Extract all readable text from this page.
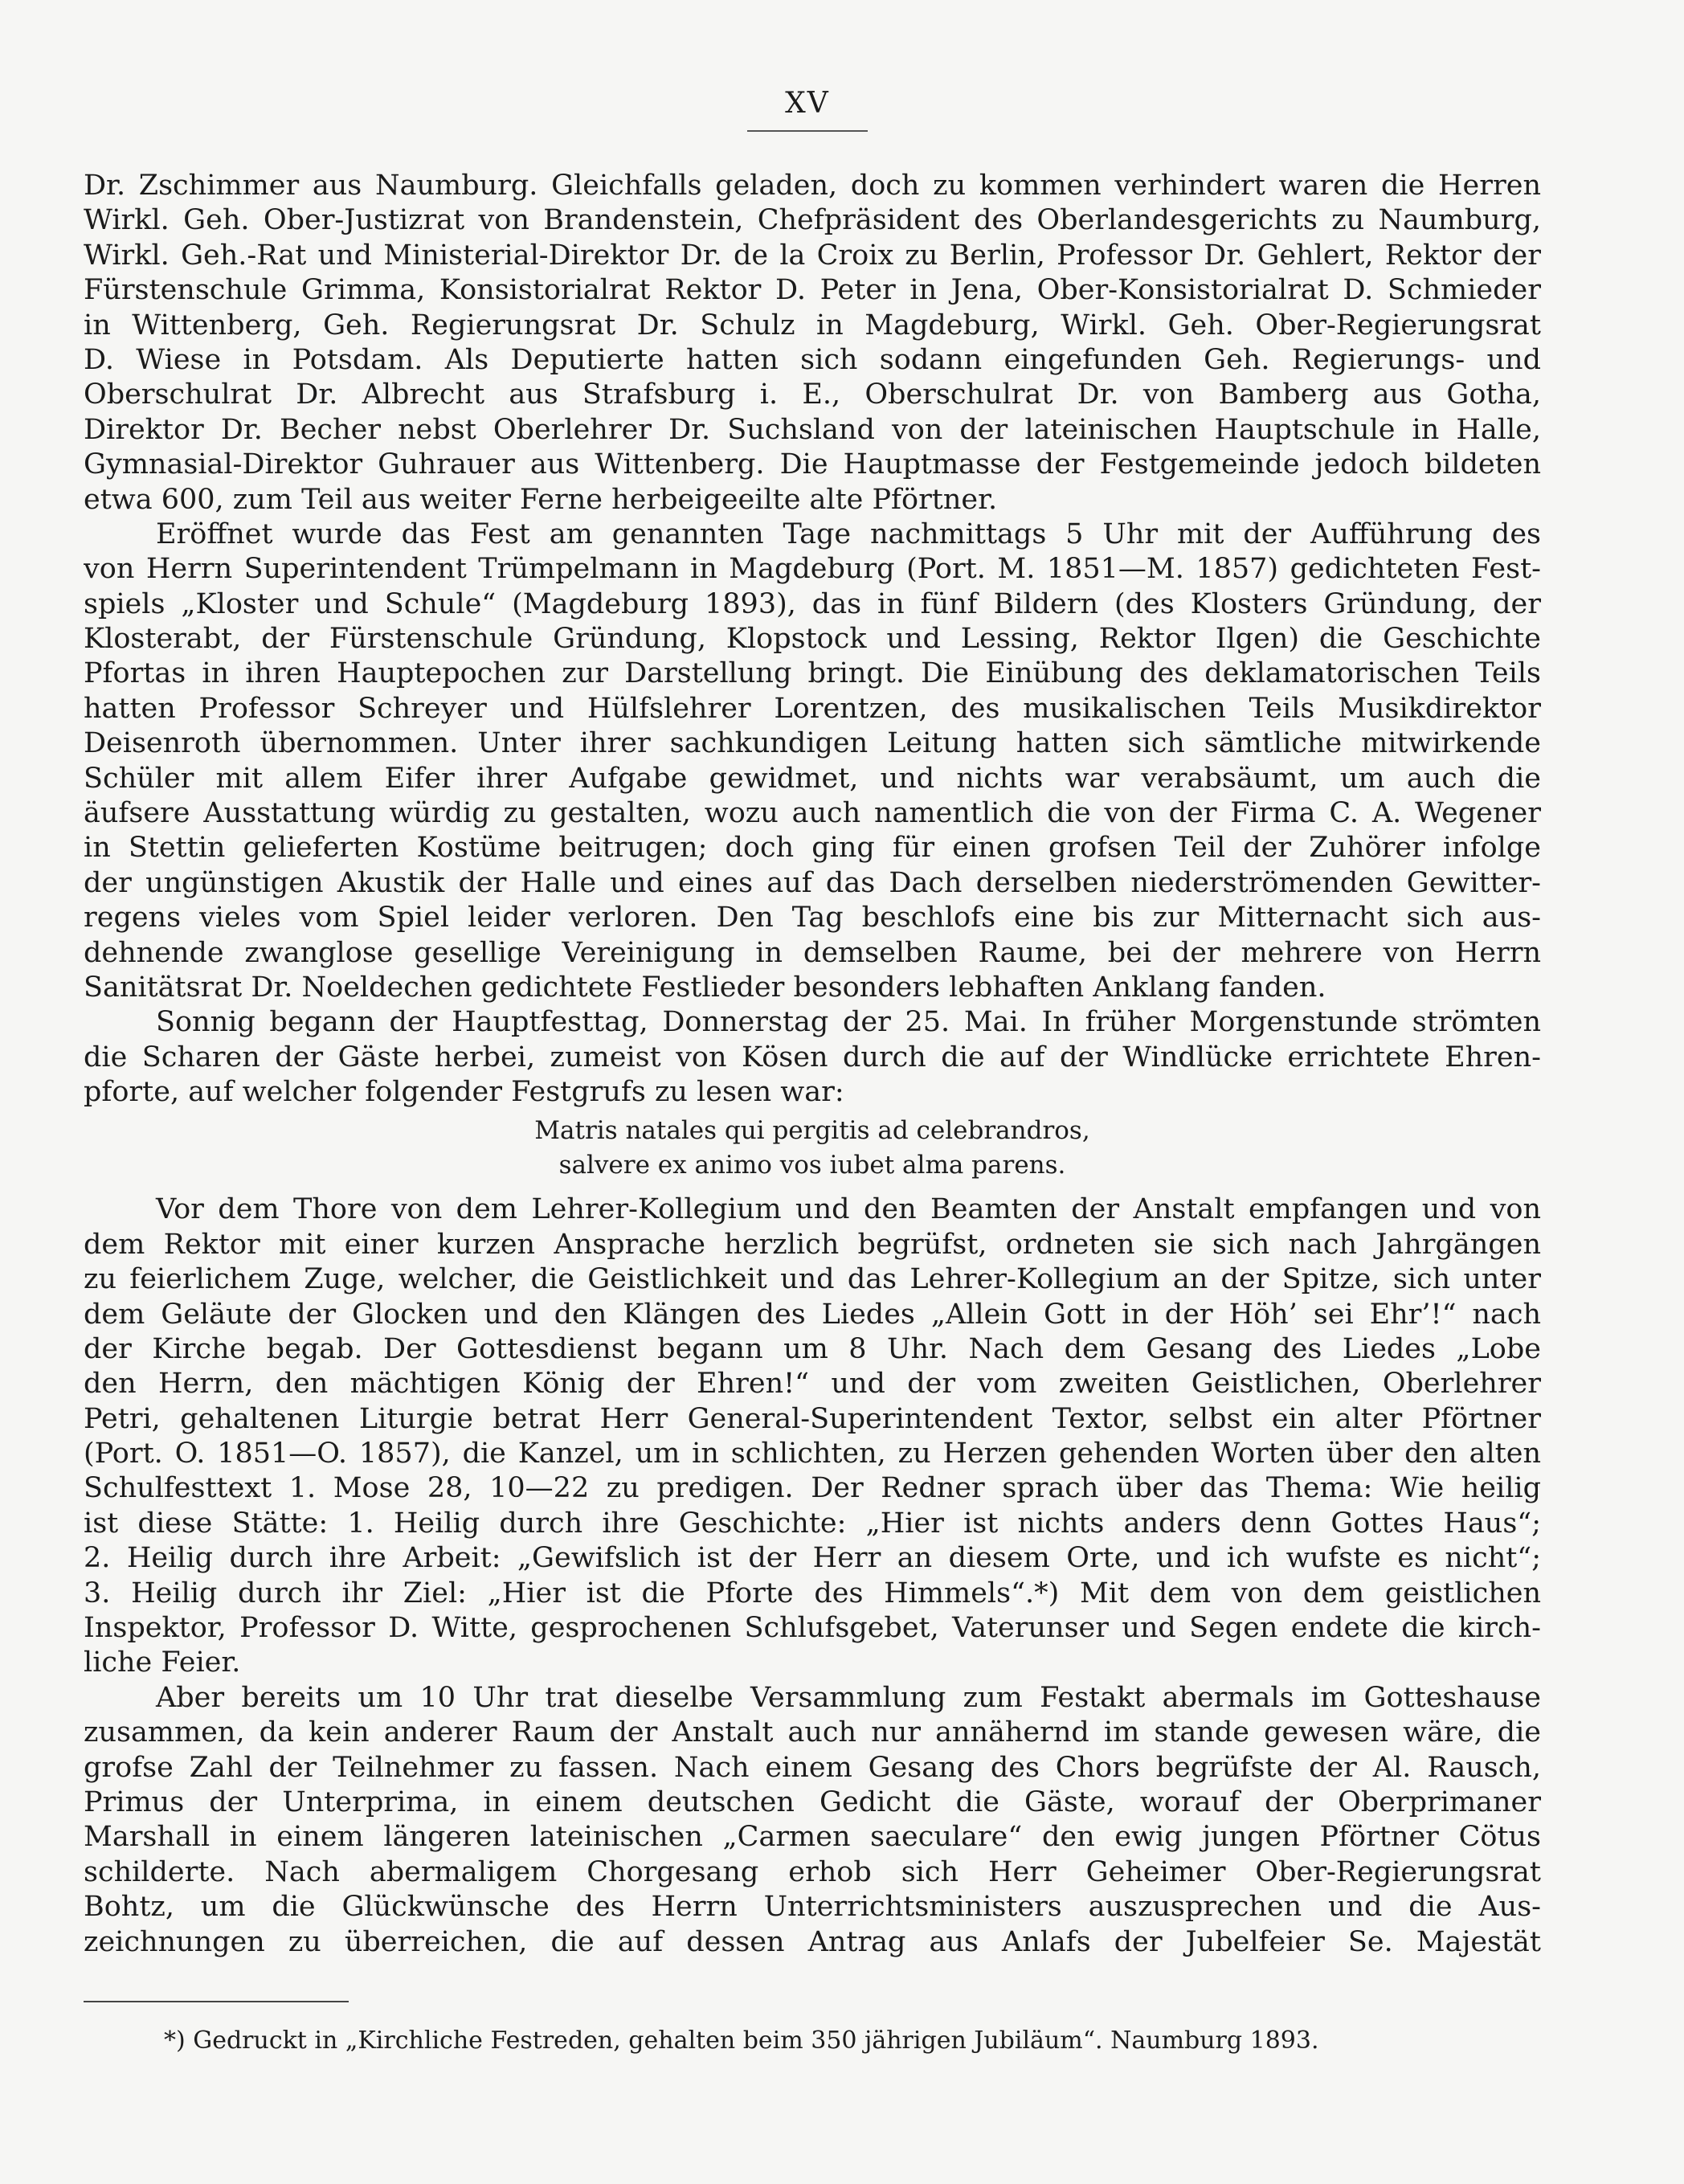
XV
Dr. Zschimmer aus Naumburg. Gleichfalls geladen, doch zu kommen verhindert waren die Herren
Wirkl. Geh. Ober-Justizrat von Brandenstein, Chefpräsident des Oberlandesgerichts zu Naumburg,
Wirkl. Geh.-Rat und Ministerial-Direktor Dr. de la Croix zu Berlin, Professor Dr. Gehlert, Rektor der
Fürstenschule Grimma, Konsistorialrat Rektor D. Peter in Jena, Ober-Konsistorialrat D. Schmieder
in Wittenberg, Geh. Regierungsrat Dr. Schulz in Magdeburg, Wirkl. Geh. Ober-Regierungsrat
D. Wiese in Potsdam. Als Deputierte hatten sich sodann eingefunden Geh. Regierungs- und
Oberschulrat Dr. Albrecht aus Strafsburg i. E., Oberschulrat Dr. von Bamberg aus Gotha,
Direktor Dr. Becher nebst Oberlehrer Dr. Suchsland von der lateinischen Hauptschule in Halle,
Gymnasial-Direktor Guhrauer aus Wittenberg. Die Hauptmasse der Festgemeinde jedoch bildeten
etwa 600, zum Teil aus weiter Ferne herbeigeeilte alte Pförtner.
Eröffnet wurde das Fest am genannten Tage nachmittags 5 Uhr mit der Aufführung des
von Herrn Superintendent Trümpelmann in Magdeburg (Port. M. 1851—M. 1857) gedichteten Fest-
spiels „Kloster und Schule“ (Magdeburg 1893), das in fünf Bildern (des Klosters Gründung, der
Klosterabt, der Fürstenschule Gründung, Klopstock und Lessing, Rektor Ilgen) die Geschichte
Pfortas in ihren Hauptepochen zur Darstellung bringt. Die Einübung des deklamatorischen Teils
hatten Professor Schreyer und Hülfslehrer Lorentzen, des musikalischen Teils Musikdirektor
Deisenroth übernommen. Unter ihrer sachkundigen Leitung hatten sich sämtliche mitwirkende
Schüler mit allem Eifer ihrer Aufgabe gewidmet, und nichts war verabsäumt, um auch die
äufsere Ausstattung würdig zu gestalten, wozu auch namentlich die von der Firma C. A. Wegener
in Stettin gelieferten Kostüme beitrugen; doch ging für einen grofsen Teil der Zuhörer infolge
der ungünstigen Akustik der Halle und eines auf das Dach derselben niederströmenden Gewitter-
regens vieles vom Spiel leider verloren. Den Tag beschlofs eine bis zur Mitternacht sich aus-
dehnende zwanglose gesellige Vereinigung in demselben Raume, bei der mehrere von Herrn
Sanitätsrat Dr. Noeldechen gedichtete Festlieder besonders lebhaften Anklang fanden.
Sonnig begann der Hauptfesttag, Donnerstag der 25. Mai. In früher Morgenstunde strömten
die Scharen der Gäste herbei, zumeist von Kösen durch die auf der Windlücke errichtete Ehren-
pforte, auf welcher folgender Festgrufs zu lesen war:
Matris natales qui pergitis ad celebrandros,
salvere ex animo vos iubet alma parens.
Vor dem Thore von dem Lehrer-Kollegium und den Beamten der Anstalt empfangen und von
dem Rektor mit einer kurzen Ansprache herzlich begrüfst, ordneten sie sich nach Jahrgängen
zu feierlichem Zuge, welcher, die Geistlichkeit und das Lehrer-Kollegium an der Spitze, sich unter
dem Geläute der Glocken und den Klängen des Liedes „Allein Gott in der Höh’ sei Ehr’!“ nach
der Kirche begab. Der Gottesdienst begann um 8 Uhr. Nach dem Gesang des Liedes „Lobe
den Herrn, den mächtigen König der Ehren!“ und der vom zweiten Geistlichen, Oberlehrer
Petri, gehaltenen Liturgie betrat Herr General-Superintendent Textor, selbst ein alter Pförtner
(Port. O. 1851—O. 1857), die Kanzel, um in schlichten, zu Herzen gehenden Worten über den alten
Schulfesttext 1. Mose 28, 10—22 zu predigen. Der Redner sprach über das Thema: Wie heilig
ist diese Stätte: 1. Heilig durch ihre Geschichte: „Hier ist nichts anders denn Gottes Haus“;
2. Heilig durch ihre Arbeit: „Gewifslich ist der Herr an diesem Orte, und ich wufste es nicht“;
3. Heilig durch ihr Ziel: „Hier ist die Pforte des Himmels“.*) Mit dem von dem geistlichen
Inspektor, Professor D. Witte, gesprochenen Schlufsgebet, Vaterunser und Segen endete die kirch-
liche Feier.
Aber bereits um 10 Uhr trat dieselbe Versammlung zum Festakt abermals im Gotteshause
zusammen, da kein anderer Raum der Anstalt auch nur annähernd im stande gewesen wäre, die
grofse Zahl der Teilnehmer zu fassen. Nach einem Gesang des Chors begrüfste der Al. Rausch,
Primus der Unterprima, in einem deutschen Gedicht die Gäste, worauf der Oberprimaner
Marshall in einem längeren lateinischen „Carmen saeculare“ den ewig jungen Pförtner Cötus
schilderte. Nach abermaligem Chorgesang erhob sich Herr Geheimer Ober-Regierungsrat
Bohtz, um die Glückwünsche des Herrn Unterrichtsministers auszusprechen und die Aus-
zeichnungen zu überreichen, die auf dessen Antrag aus Anlafs der Jubelfeier Se. Majestät
*) Gedruckt in „Kirchliche Festreden, gehalten beim 350 jährigen Jubiläum“. Naumburg 1893.
